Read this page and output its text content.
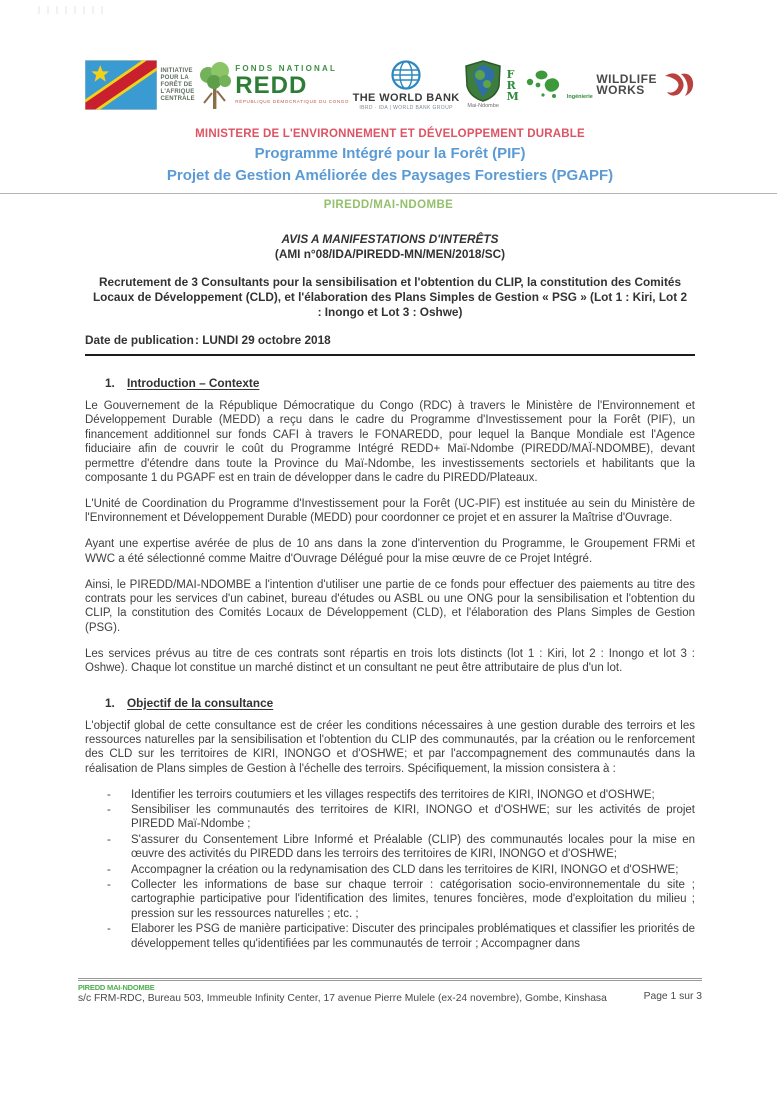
INITIATIVE
POUR LA
FORÊT DE
L'AFRIQUE
CENTRALE
FONDS NATIONAL
REDD
RÉPUBLIQUE DÉMOCRATIQUE DU CONGO THE WORLD BANK
IBRD · IDA | WORLD BANK GROUP	Mai-Ndombe
F
R
M	Ingénierie
WILDLIFE
WORKS
MINISTERE DE L'ENVIRONNEMENT ET DÉVELOPPEMENT DURABLE
Programme Intégré pour la Forêt (PIF)
Projet de Gestion Améliorée des Paysages Forestiers (PGAPF)
PIREDD/MAI-NDOMBE
AVIS A MANIFESTATIONS D'INTERÊTS
(AMI n°08/IDA/PIREDD-MN/MEN/2018/SC)
Recrutement de 3 Consultants pour la sensibilisation et l'obtention du CLIP, la constitution des Comités Locaux de Développement (CLD), et l'élaboration des Plans Simples de Gestion « PSG » (Lot 1 : Kiri, Lot 2 : Inongo et Lot 3 : Oshwe)
Date de publication : LUNDI 29 octobre 2018
1.	Introduction – Contexte

Le Gouvernement de la République Démocratique du Congo (RDC) à travers le Ministère de l'Environnement et Développement Durable (MEDD) a reçu dans le cadre du Programme d'Investissement pour la Forêt (PIF), un financement additionnel sur fonds CAFI à travers le FONAREDD, pour lequel la Banque Mondiale est l'Agence fiduciaire afin de couvrir le coût du Programme Intégré REDD+ Maï-Ndombe (PIREDD/MAÏ-NDOMBE), devant permettre d'étendre dans toute la Province du Maï-Ndombe, les investissements sectoriels et habilitants que la composante 1 du PGAPF est en train de développer dans le cadre du PIREDD/Plateaux.

L'Unité de Coordination du Programme d'Investissement pour la Forêt (UC-PIF) est instituée au sein du Ministère de l'Environnement et Développement Durable (MEDD) pour coordonner ce projet et en assurer la Maîtrise d'Ouvrage.

Ayant une expertise avérée de plus de 10 ans dans la zone d'intervention du Programme, le Groupement FRMi et WWC a été sélectionné comme Maitre d'Ouvrage Délégué pour la mise œuvre de ce Projet Intégré.

Ainsi, le PIREDD/MAI-NDOMBE a l'intention d'utiliser une partie de ce fonds pour effectuer des paiements au titre des contrats pour les services d'un cabinet, bureau d'études ou ASBL ou une ONG pour la sensibilisation et l'obtention du CLIP, la constitution des Comités Locaux de Développement (CLD), et l'élaboration des Plans Simples de Gestion (PSG).

Les services prévus au titre de ces contrats sont répartis en trois lots distincts (lot 1 : Kiri, lot 2 : Inongo et lot 3 : Oshwe). Chaque lot constitue un marché distinct et un consultant ne peut être attributaire de plus d'un lot.

1.	Objectif de la consultance

L'objectif global de cette consultance est de créer les conditions nécessaires à une gestion durable des terroirs et les ressources naturelles par la sensibilisation et l'obtention du CLIP des communautés, par la création ou le renforcement des CLD sur les territoires de KIRI, INONGO et d'OSHWE; et par l'accompagnement des communautés dans la réalisation de Plans simples de Gestion à l'échelle des terroirs. Spécifiquement, la mission consistera à :

-	Identifier les terroirs coutumiers et les villages respectifs des territoires de KIRI, INONGO et d'OSHWE;
-	Sensibiliser les communautés des territoires de KIRI, INONGO et d'OSHWE; sur les activités de projet PIREDD Maï-Ndombe ;
-	S'assurer du Consentement Libre Informé et Préalable (CLIP) des communautés locales pour la mise en œuvre des activités du PIREDD dans les terroirs des territoires de KIRI, INONGO et d'OSHWE;
-	Accompagner la création ou la redynamisation des CLD dans les territoires de KIRI, INONGO et d'OSHWE;
-	Collecter les informations de base sur chaque terroir : catégorisation socio-environnementale du site ; cartographie participative pour l'identification des limites, tenures foncières, mode d'exploitation du milieu ; pression sur les ressources naturelles ; etc. ;
-	Elaborer les PSG de manière participative: Discuter des principales problématiques et classifier les priorités de développement telles qu'identifiées par les communautés de terroir ; Accompagner dans
PIREDD MAI-NDOMBE
s/c FRM-RDC, Bureau 503, Immeuble Infinity Center, 17 avenue Pierre Mulele (ex-24 novembre), Gombe, Kinshasa	Page 1 sur 3
